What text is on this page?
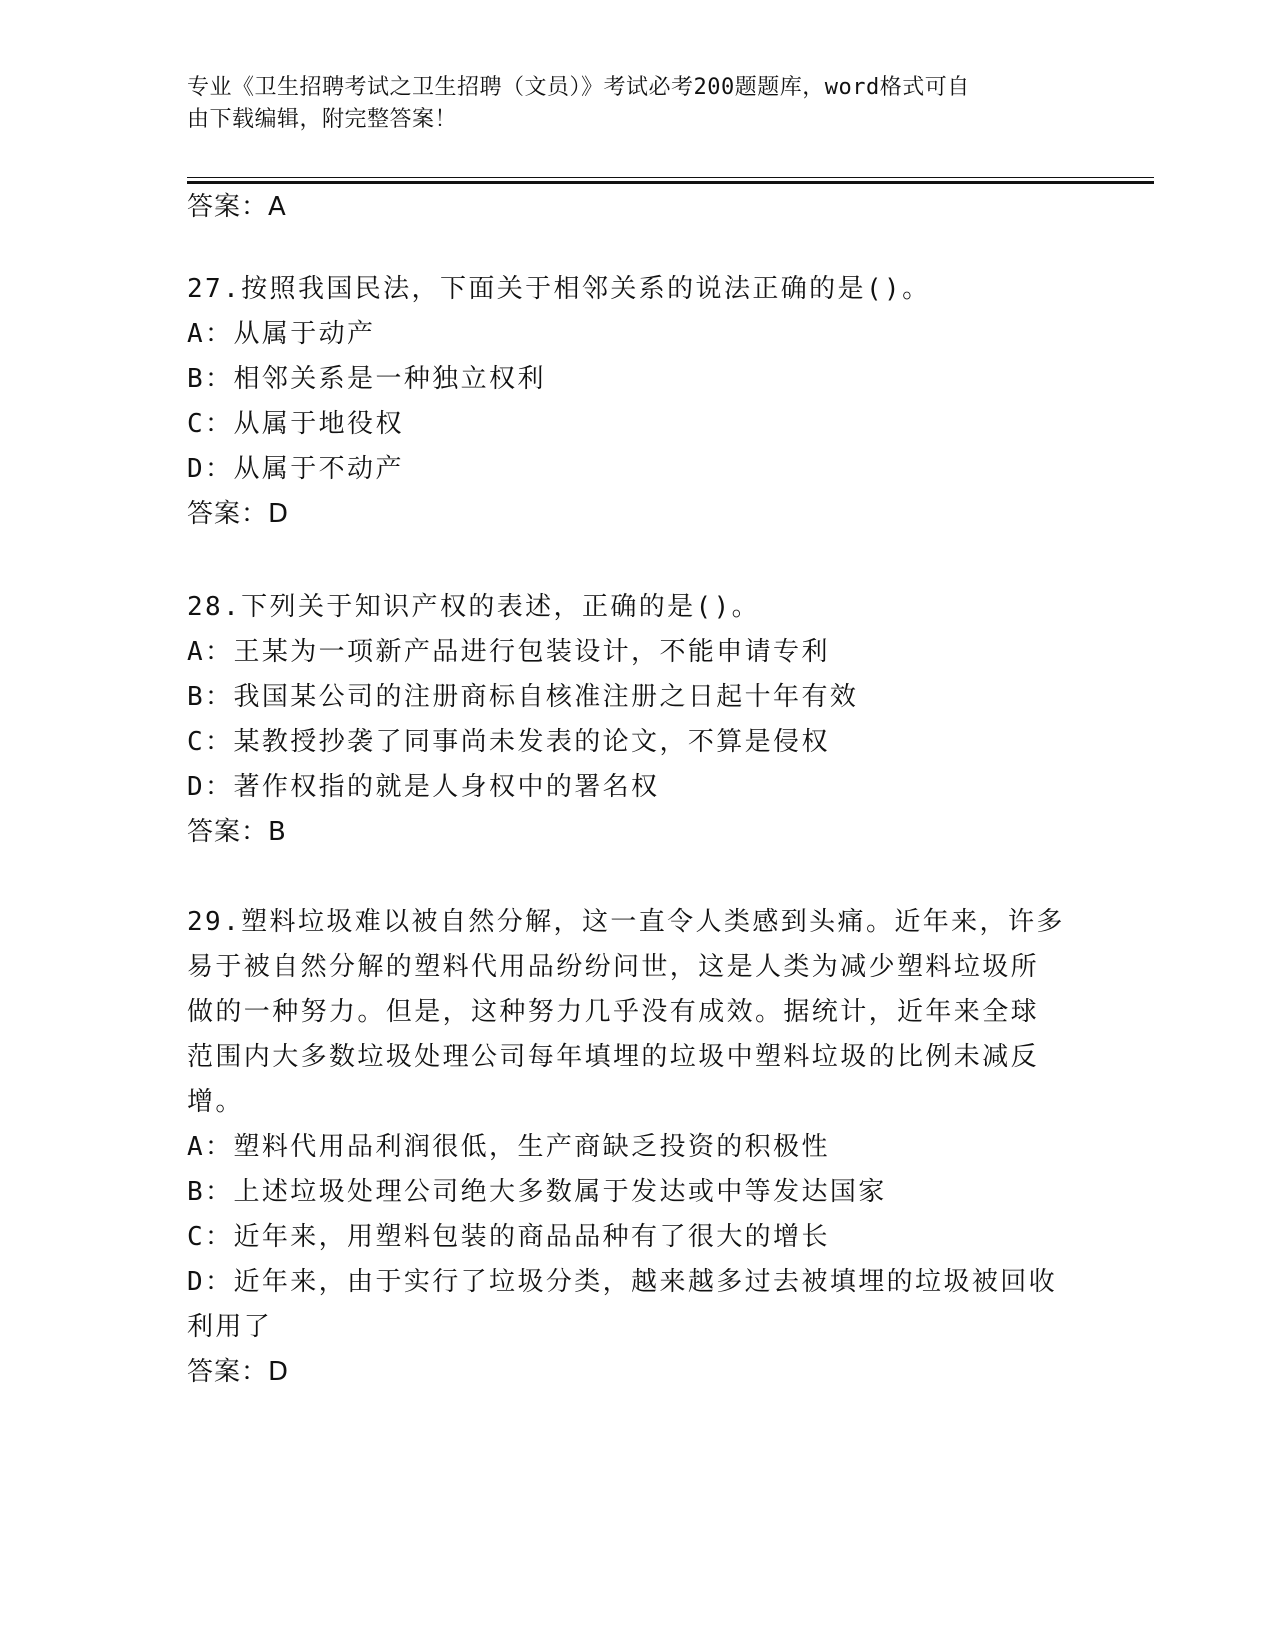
专业《卫生招聘考试之卫生招聘（文员）》考试必考200题题库，word格式可自
由下载编辑，附完整答案！
答案：A
27.按照我国民法，下面关于相邻关系的说法正确的是()。
A：从属于动产
B：相邻关系是一种独立权利
C：从属于地役权
D：从属于不动产
答案：D
28.下列关于知识产权的表述，正确的是()。
A：王某为一项新产品进行包装设计，不能申请专利
B：我国某公司的注册商标自核准注册之日起十年有效
C：某教授抄袭了同事尚未发表的论文，不算是侵权
D：著作权指的就是人身权中的署名权
答案：B
29.塑料垃圾难以被自然分解，这一直令人类感到头痛。近年来，许多
易于被自然分解的塑料代用品纷纷问世，这是人类为减少塑料垃圾所
做的一种努力。但是，这种努力几乎没有成效。据统计，近年来全球
范围内大多数垃圾处理公司每年填埋的垃圾中塑料垃圾的比例未减反
增。
A：塑料代用品利润很低，生产商缺乏投资的积极性
B：上述垃圾处理公司绝大多数属于发达或中等发达国家
C：近年来，用塑料包装的商品品种有了很大的增长
D：近年来，由于实行了垃圾分类，越来越多过去被填埋的垃圾被回收
利用了
答案：D
